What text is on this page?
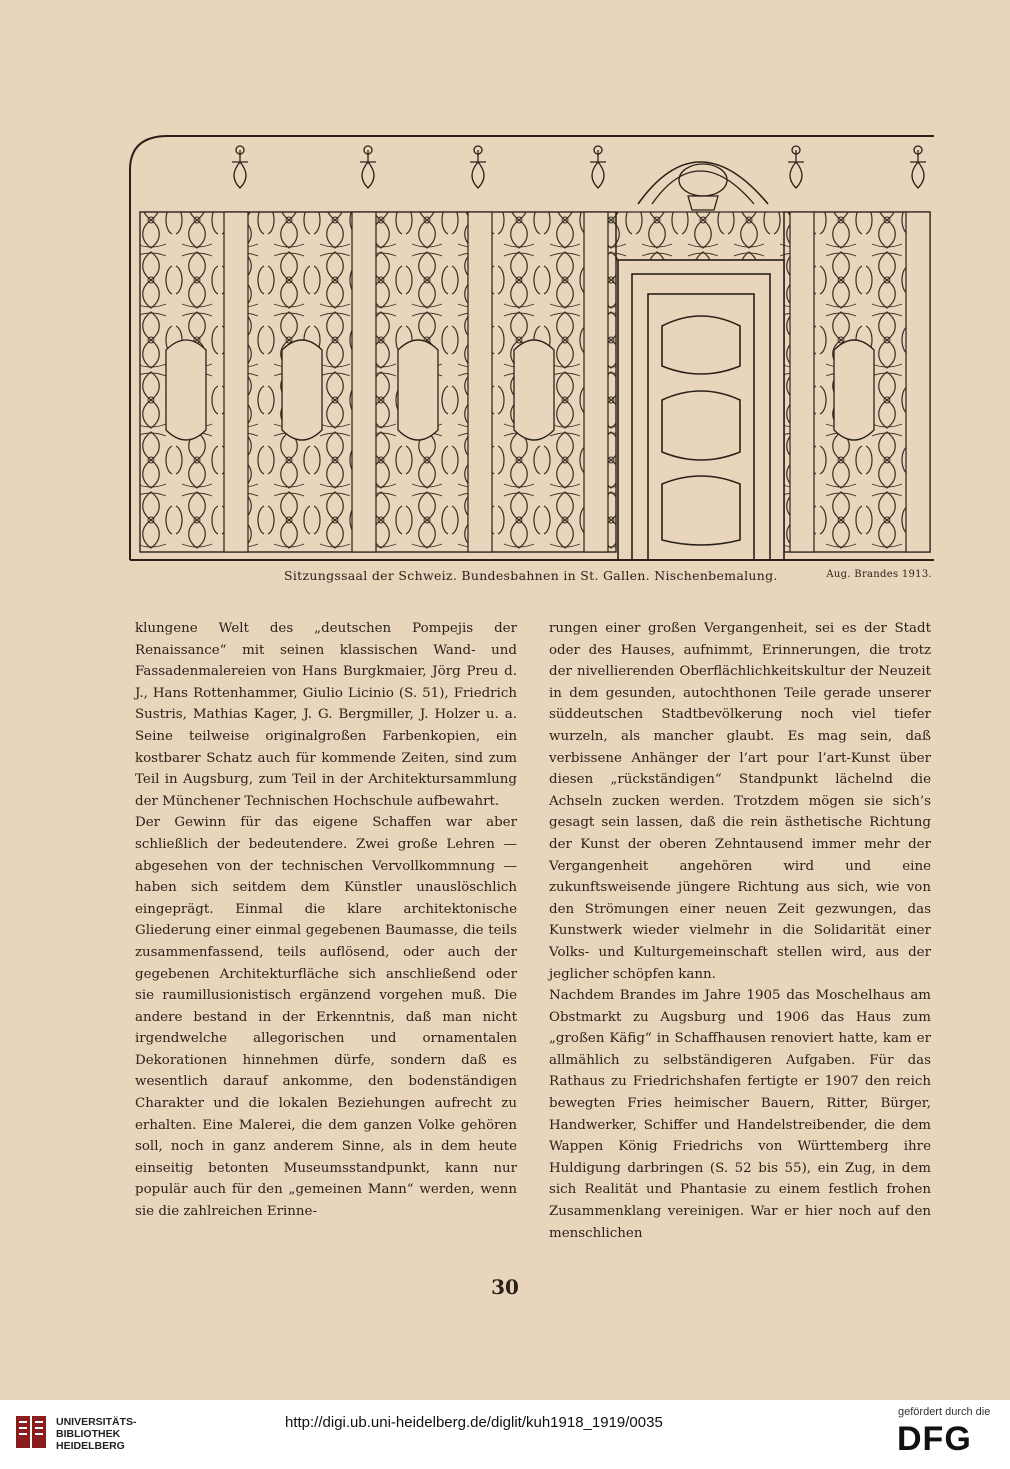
Sitzungssaal der Schweiz. Bundesbahnen in St. Gallen. Nischenbemalung.	Aug. Brandes 1913.

klungene Welt des „deutschen Pompejis der Renaissance“ mit seinen klassischen Wand- und Fassadenmalereien von Hans Burgkmaier, Jörg Preu d. J., Hans Rottenhammer, Giulio Licinio (S. 51), Friedrich Sustris, Mathias Kager, J. G. Bergmiller, J. Holzer u. a. Seine teilweise originalgroßen Farbenkopien, ein kostbarer Schatz auch für kommende Zeiten, sind zum Teil in Augsburg, zum Teil in der Architektursammlung der Münchener Technischen Hochschule aufbewahrt.

Der Gewinn für das eigene Schaffen war aber schließlich der bedeutendere. Zwei große Lehren — abgesehen von der technischen Vervollkommnung — haben sich seitdem dem Künstler unauslöschlich eingeprägt. Einmal die klare architektonische Gliederung einer einmal gegebenen Baumasse, die teils zusammenfassend, teils auflösend, oder auch der gegebenen Architekturfläche sich anschließend oder sie raumillusionistisch ergänzend vorgehen muß. Die andere bestand in der Erkenntnis, daß man nicht irgendwelche allegorischen und ornamentalen Dekorationen hinnehmen dürfe, sondern daß es wesentlich darauf ankomme, den bodenständigen Charakter und die lokalen Beziehungen aufrecht zu erhalten. Eine Malerei, die dem ganzen Volke gehören soll, noch in ganz anderem Sinne, als in dem heute einseitig betonten Museumsstandpunkt, kann nur populär auch für den „gemeinen Mann“ werden, wenn sie die zahlreichen Erinne-

rungen einer großen Vergangenheit, sei es der Stadt oder des Hauses, aufnimmt, Erinnerungen, die trotz der nivellierenden Oberflächlichkeitskultur der Neuzeit in dem gesunden, autochthonen Teile gerade unserer süddeutschen Stadtbevölkerung noch viel tiefer wurzeln, als mancher glaubt. Es mag sein, daß verbissene Anhänger der l’art pour l’art-Kunst über diesen „rückständigen“ Standpunkt lächelnd die Achseln zucken werden. Trotzdem mögen sie sich’s gesagt sein lassen, daß die rein ästhetische Richtung der Kunst der oberen Zehntausend immer mehr der Vergangenheit angehören wird und eine zukunftsweisende jüngere Richtung aus sich, wie von den Strömungen einer neuen Zeit gezwungen, das Kunstwerk wieder vielmehr in die Solidarität einer Volks- und Kulturgemeinschaft stellen wird, aus der jeglicher schöpfen kann.

Nachdem Brandes im Jahre 1905 das Moschelhaus am Obstmarkt zu Augsburg und 1906 das Haus zum „großen Käfig“ in Schaffhausen renoviert hatte, kam er allmählich zu selbständigeren Aufgaben. Für das Rathaus zu Friedrichshafen fertigte er 1907 den reich bewegten Fries heimischer Bauern, Ritter, Bürger, Handwerker, Schiffer und Handelstreibender, die dem Wappen König Friedrichs von Württemberg ihre Huldigung darbringen (S. 52 bis 55), ein Zug, in dem sich Realität und Phantasie zu einem festlich frohen Zusammenklang vereinigen. War er hier noch auf den menschlichen

30
UNIVERSITÄTS-
BIBLIOTHEK
HEIDELBERG
http://digi.ub.uni-heidelberg.de/diglit/kuh1918_1919/0035
gefördert durch die
DFG
